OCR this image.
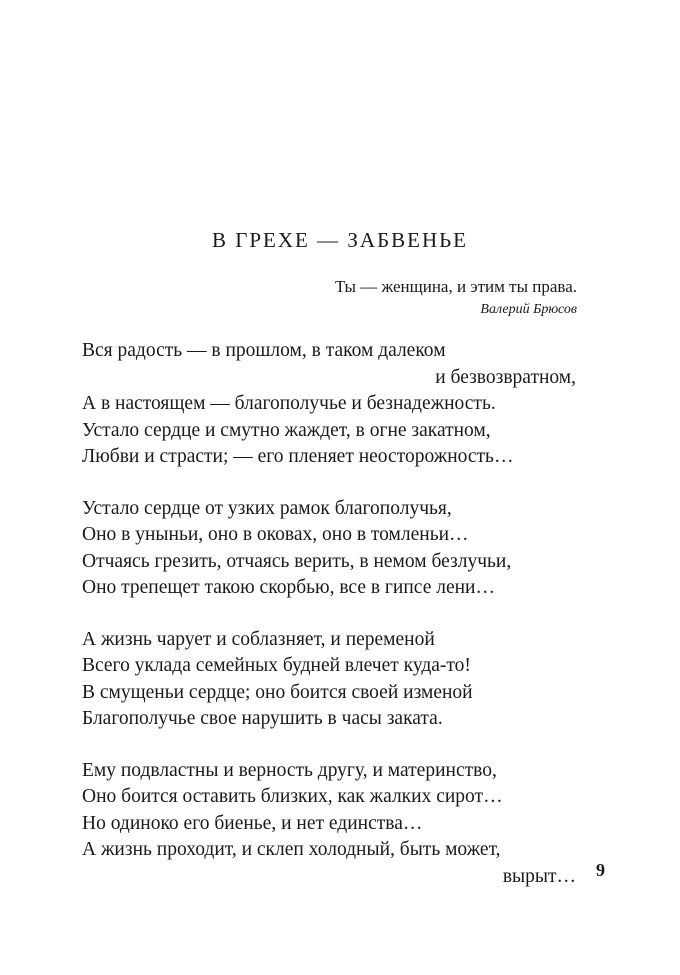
В ГРЕХЕ — ЗАБВЕНЬЕ
Ты — женщина, и этим ты права.
Валерий Брюсов
Вся радость — в прошлом, в таком далеком
и безвозвратном,
А в настоящем — благополучье и безнадежность.
Устало сердце и смутно жаждет, в огне закатном,
Любви и страсти; — его пленяет неосторожность…
Устало сердце от узких рамок благополучья,
Оно в уныньи, оно в оковах, оно в томленьи…
Отчаясь грезить, отчаясь верить, в немом безлучьи,
Оно трепещет такою скорбью, все в гипсе лени…
А жизнь чарует и соблазняет, и переменой
Всего уклада семейных будней влечет куда-то!
В смущеньи сердце; оно боится своей изменой
Благополучье свое нарушить в часы заката.
Ему подвластны и верность другу, и материнство,
Оно боится оставить близких, как жалких сирот…
Но одиноко его биенье, и нет единства…
А жизнь проходит, и склеп холодный, быть может,
вырыт… 9
